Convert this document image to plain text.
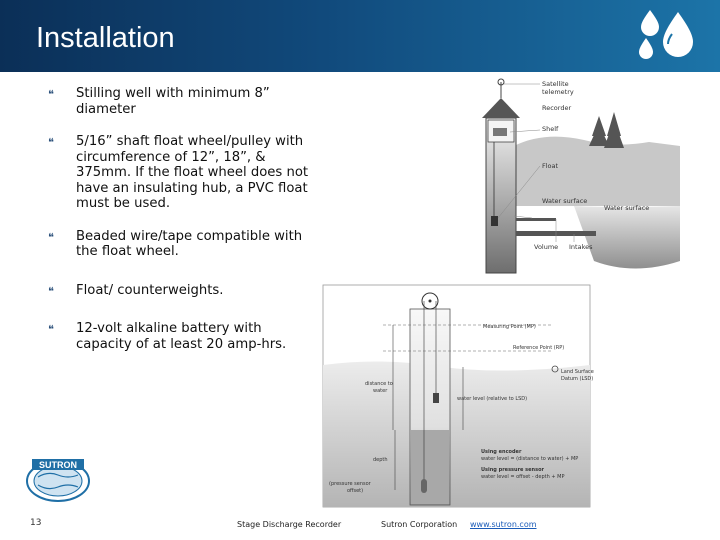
Installation
❝ Stilling well with minimum 8” diameter
❝ 5/16” shaft float wheel/pulley with circumference of 12”, 18”, & 375mm. If the float wheel does not have an insulating hub, a PVC float must be used.
❝ Beaded wire/tape compatible with the float wheel.
❝ Float/ counterweights.
❝ 12-volt alkaline battery with capacity of at least 20 amp-hrs.
Satellite
telemetry
Recorder
Shelf
Float
Water surface
Water surface
Volume Intakes
Measuring Point (MP)
Reference Point (RP)
Land Surface
Datum (LSD)
distance to
water
water level (relative to LSD)
depth
Using encoder
water level = (distance to water) + MP
Using pressure sensor
water level = offset - depth + MP
(pressure sensor
offset)
SUTRON
13	Stage Discharge Recorder	Sutron Corporation www.sutron.com
